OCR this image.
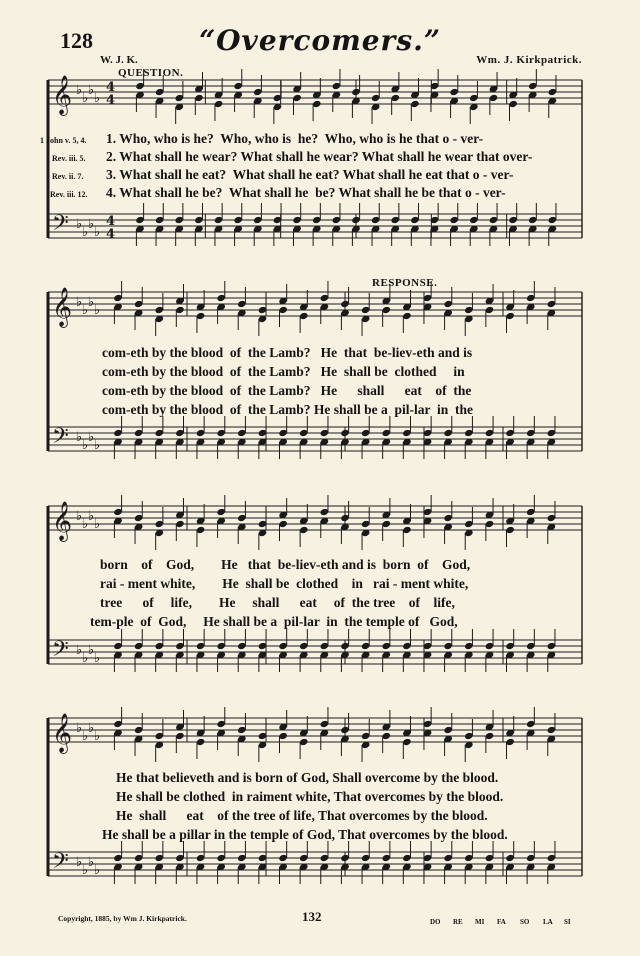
𝄞
𝄢
♭
♭
♭
♭
♭
♭
♭
♭
4
4
4
4
𝄞
𝄢
♭
♭
♭
♭
♭
♭
♭
♭
𝄞
𝄢
♭
♭
♭
♭
♭
♭
♭
♭
𝄞
𝄢
♭
♭
♭
♭
♭
♭
♭
♭
128	“Overcomers.”
W. J. K.	Wm. J. Kirkpatrick.
QUESTION.
RESPONSE.
1 John v. 5, 4.
Rev. iii. 5.
Rev. ii. 7.
Rev. iii. 12.
1. Who, who is he?  Who, who is  he?  Who, who is he that o - ver-
2. What shall he wear? What shall he wear? What shall he wear that over-
3. What shall he eat?  What shall he eat? What shall he eat that o - ver-
4. What shall he be?  What shall he  be? What shall he be that o - ver-
com-eth by the blood  of  the Lamb?   He  that  be-liev-eth and is
com-eth by the blood  of  the Lamb?   He  shall be  clothed     in
com-eth by the blood  of  the Lamb?   He      shall      eat    of  the
com-eth by the blood  of  the Lamb? He shall be a  pil-lar  in  the
born    of    God,        He   that  be-liev-eth and is  born  of    God,
rai - ment white,        He  shall be  clothed    in   rai - ment white,
tree      of     life,        He     shall      eat     of  the tree    of    life,
tem-ple  of  God,     He shall be a  pil-lar  in  the temple of   God,
He that believeth and is born of God, Shall overcome by the blood.
He shall be clothed  in raiment white, That overcomes by the blood.
He  shall      eat    of the tree of life, That overcomes by the blood.
He shall be a pillar in the temple of God, That overcomes by the blood.
Copyright, 1885, by Wm J. Kirkpatrick.	132	DO RE MI FA SO LA SI
